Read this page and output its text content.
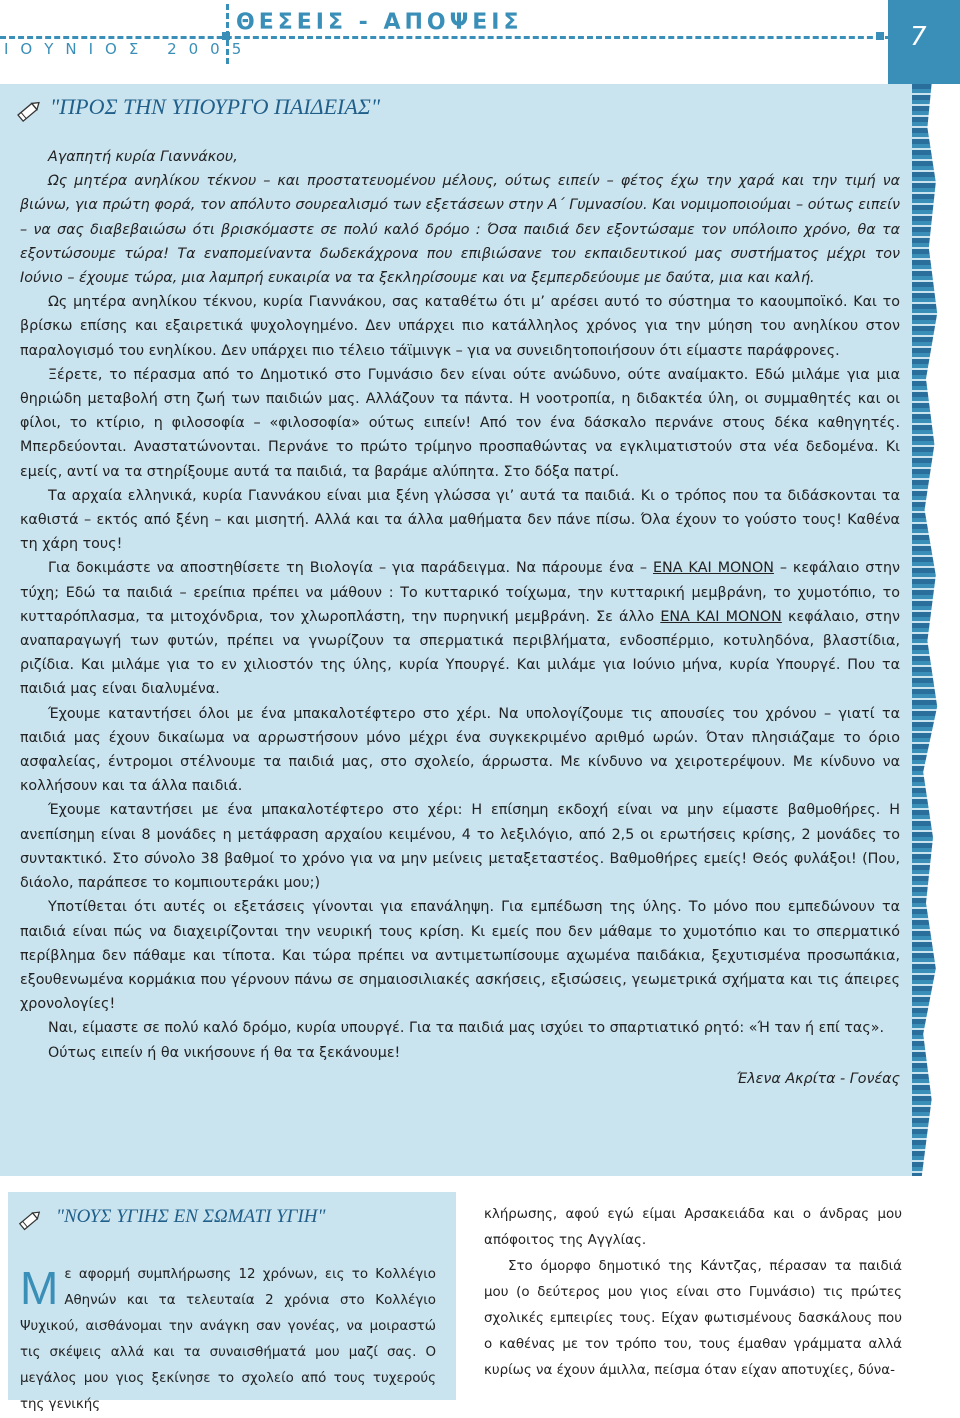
ΘΕΣΕΙΣ - ΑΠΟΨΕΙΣ
ΙΟΥΝΙΟΣ 2005	7
"ΠΡΟΣ ΤΗΝ ΥΠΟΥΡΓΟ ΠΑΙΔΕΙΑΣ"

Αγαπητή κυρία Γιαννάκου,

Ως μητέρα ανηλίκου τέκνου – και προστατευομένου μέλους, ούτως ειπείν – φέτος έχω την χαρά και την τιμή να βιώνω, για πρώτη φορά, τον απόλυτο σουρεαλισμό των εξετάσεων στην Α΄ Γυμνασίου. Και νομιμοποιούμαι – ούτως ειπείν – να σας διαβεβαιώσω ότι βρισκόμαστε σε πολύ καλό δρόμο : Όσα παιδιά δεν εξοντώσαμε τον υπόλοιπο χρόνο, θα τα εξοντώσουμε τώρα! Τα εναπομείναντα δωδεκάχρονα που επιβιώσανε του εκπαιδευτικού μας συστήματος μέχρι τον Ιούνιο – έχουμε τώρα, μια λαμπρή ευκαιρία να τα ξεκληρίσουμε και να ξεμπερδεύουμε με δαύτα, μια και καλή.

Ως μητέρα ανηλίκου τέκνου, κυρία Γιαννάκου, σας καταθέτω ότι μ’ αρέσει αυτό το σύστημα το καουμποϊκό. Και το βρίσκω επίσης και εξαιρετικά ψυχολογημένο. Δεν υπάρχει πιο κατάλληλος χρόνος για την μύηση του ανηλίκου στον παραλογισμό του ενηλίκου. Δεν υπάρχει πιο τέλειο τάϊμινγκ – για να συνειδητοποιήσουν ότι είμαστε παράφρονες.

Ξέρετε, το πέρασμα από το Δημοτικό στο Γυμνάσιο δεν είναι ούτε ανώδυνο, ούτε αναίμακτο. Εδώ μιλάμε για μια θηριώδη μεταβολή στη ζωή των παιδιών μας. Αλλάζουν τα πάντα. Η νοοτροπία, η διδακτέα ύλη, οι συμμαθητές και οι φίλοι, το κτίριο, η φιλοσοφία – «φιλοσοφία» ούτως ειπείν! Από τον ένα δάσκαλο περνάνε στους δέκα καθηγητές. Μπερδεύονται. Αναστατώνονται. Περνάνε το πρώτο τρίμηνο προσπαθώντας να εγκλιματιστούν στα νέα δεδομένα. Κι εμείς, αντί να τα στηρίξουμε αυτά τα παιδιά, τα βαράμε αλύπητα. Στο δόξα πατρί.

Τα αρχαία ελληνικά, κυρία Γιαννάκου είναι μια ξένη γλώσσα γι’ αυτά τα παιδιά. Κι ο τρόπος που τα διδάσκονται τα καθιστά – εκτός από ξένη – και μισητή. Αλλά και τα άλλα μαθήματα δεν πάνε πίσω. Όλα έχουν το γούστο τους! Καθένα τη χάρη τους!

Για δοκιμάστε να αποστηθίσετε τη Βιολογία – για παράδειγμα. Να πάρουμε ένα – ΕΝΑ ΚΑΙ ΜΟΝΟΝ – κεφάλαιο στην τύχη; Εδώ τα παιδιά – ερείπια πρέπει να μάθουν : Το κυτταρικό τοίχωμα, την κυτταρική μεμβράνη, το χυμοτόπιο, το κυτταρόπλασμα, τα μιτοχόνδρια, τον χλωροπλάστη, την πυρηνική μεμβράνη. Σε άλλο ΕΝΑ ΚΑΙ ΜΟΝΟΝ κεφάλαιο, στην αναπαραγωγή των φυτών, πρέπει να γνωρίζουν τα σπερματικά περιβλήματα, ενδοσπέρμιο, κοτυληδόνα, βλαστίδια, ριζίδια. Και μιλάμε για το εν χιλιοστόν της ύλης, κυρία Υπουργέ. Και μιλάμε για Ιούνιο μήνα, κυρία Υπουργέ. Που τα παιδιά μας είναι διαλυμένα.

Έχουμε καταντήσει όλοι με ένα μπακαλοτέφτερο στο χέρι. Να υπολογίζουμε τις απουσίες του χρόνου – γιατί τα παιδιά μας έχουν δικαίωμα να αρρωστήσουν μόνο μέχρι ένα συγκεκριμένο αριθμό ωρών. Όταν πλησιάζαμε το όριο ασφαλείας, έντρομοι στέλνουμε τα παιδιά μας, στο σχολείο, άρρωστα. Με κίνδυνο να χειροτερέψουν. Με κίνδυνο να κολλήσουν και τα άλλα παιδιά.

Έχουμε καταντήσει με ένα μπακαλοτέφτερο στο χέρι: Η επίσημη εκδοχή είναι να μην είμαστε βαθμοθήρες. Η ανεπίσημη είναι 8 μονάδες η μετάφραση αρχαίου κειμένου, 4 το λεξιλόγιο, από 2,5 οι ερωτήσεις κρίσης, 2 μονάδες το συντακτικό. Στο σύνολο 38 βαθμοί το χρόνο για να μην μείνεις μεταξεταστέος. Βαθμοθήρες εμείς! Θεός φυλάξοι! (Που, διάολο, παράπεσε το κομπιουτεράκι μου;)

Υποτίθεται ότι αυτές οι εξετάσεις γίνονται για επανάληψη. Για εμπέδωση της ύλης. Το μόνο που εμπεδώνουν τα παιδιά είναι πώς να διαχειρίζονται την νευρική τους κρίση. Κι εμείς που δεν μάθαμε το χυμοτόπιο και το σπερματικό περίβλημα δεν πάθαμε και τίποτα. Και τώρα πρέπει να αντιμετωπίσουμε αχωμένα παιδάκια, ξεχυτισμένα προσωπάκια, εξουθενωμένα κορμάκια που γέρνουν πάνω σε σημαιοσιλιακές ασκήσεις, εξισώσεις, γεωμετρικά σχήματα και τις άπειρες χρονολογίες!

Ναι, είμαστε σε πολύ καλό δρόμο, κυρία υπουργέ. Για τα παιδιά μας ισχύει το σπαρτιατικό ρητό: «Ή ταν ή επί τας».

Ούτως ειπείν ή θα νικήσουνε ή θα τα ξεκάνουμε!

Έλενα Ακρίτα - Γονέας

"ΝΟΥΣ ΥΓΙΗΣ ΕΝ ΣΩΜΑΤΙ ΥΓΙΗ"
Με αφορμή συμπλήρωσης 12 χρόνων, εις το Κολλέγιο Αθηνών και τα τελευταία 2 χρόνια στο Κολλέγιο Ψυχικού, αισθάνομαι την ανάγκη σαν γονέας, να μοιραστώ τις σκέψεις αλλά και τα συναισθήματά μου μαζί σας. Ο μεγάλος μου γιος ξεκίνησε το σχολείο από τους τυχερούς της γενικής

κλήρωσης, αφού εγώ είμαι Αρσακειάδα και ο άνδρας μου απόφοιτος της Αγγλίας.

Στο όμορφο δημοτικό της Κάντζας, πέρασαν τα παιδιά μου (ο δεύτερος μου γιος είναι στο Γυμνάσιο) τις πρώτες σχολικές εμπειρίες τους. Είχαν φωτισμένους δασκάλους που ο καθένας με τον τρόπο του, τους έμαθαν γράμματα αλλά κυρίως να έχουν άμιλλα, πείσμα όταν είχαν αποτυχίες, δύνα-
